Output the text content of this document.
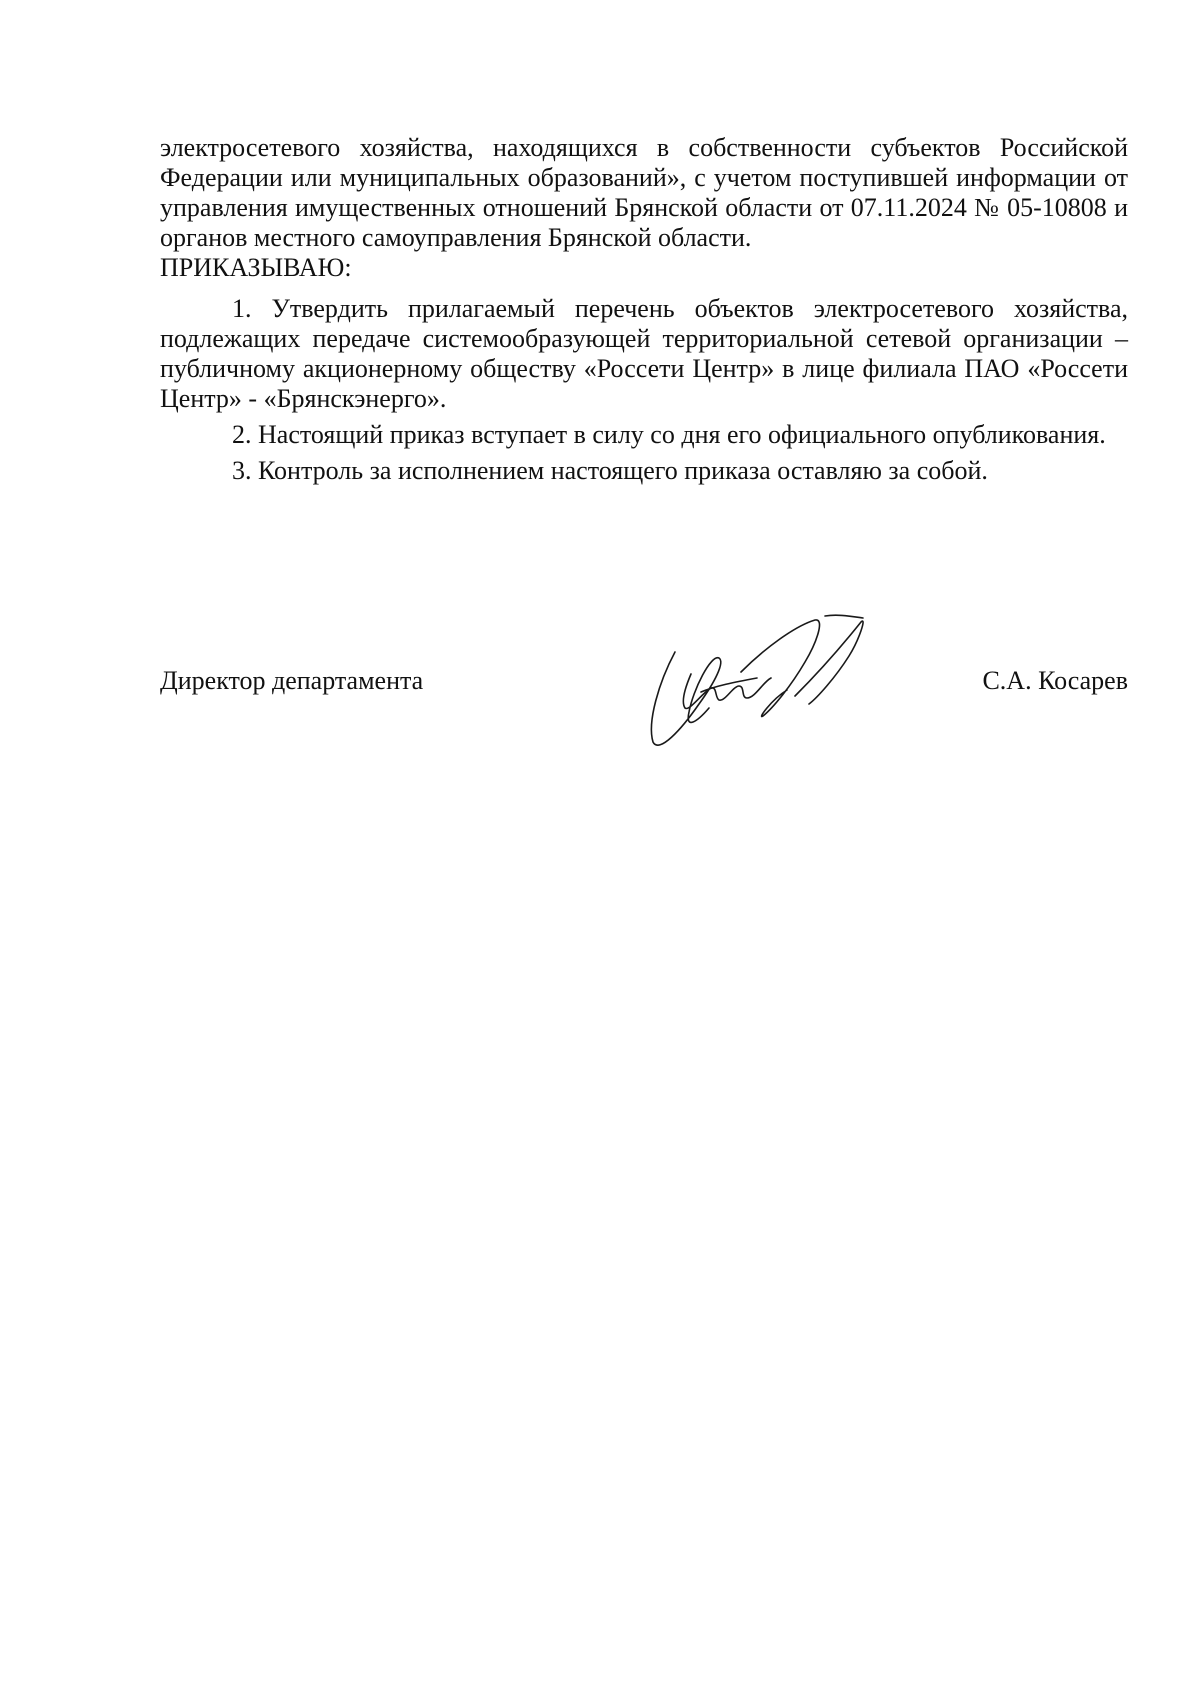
электросетевого хозяйства, находящихся в собственности субъектов Российской Федерации или муниципальных образований», с учетом поступившей информации от управления имущественных отношений Брянской области от 07.11.2024 № 05-10808 и органов местного самоуправления Брянской области.

ПРИКАЗЫВАЮ:

1. Утвердить прилагаемый перечень объектов электросетевого хозяйства, подлежащих передаче системообразующей территориальной сетевой организации – публичному акционерному обществу «Россети Центр» в лице филиала ПАО «Россети Центр» - «Брянскэнерго».

2. Настоящий приказ вступает в силу со дня его официального опубликования.

3. Контроль за исполнением настоящего приказа оставляю за собой.

Директор департамента	С.А. Косарев
